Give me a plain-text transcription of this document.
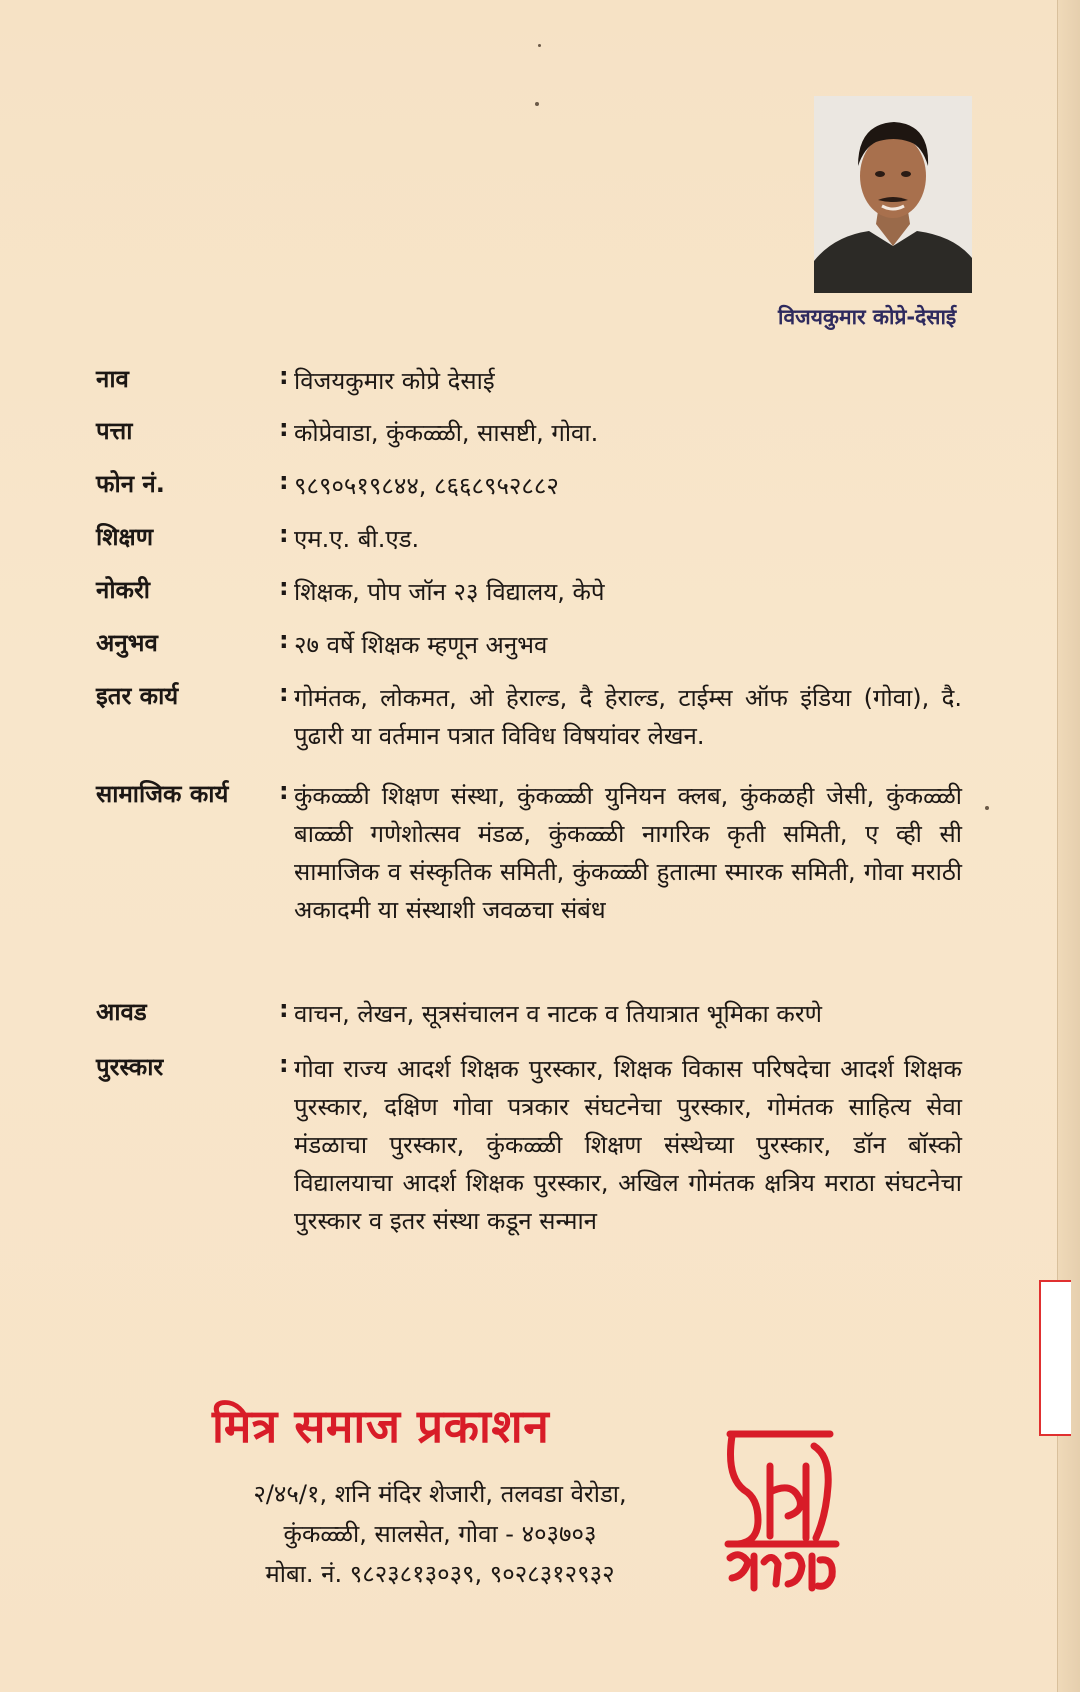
विजयकुमार कोप्रे-देसाई
नाव	: विजयकुमार कोप्रे देसाई
पत्ता	: कोप्रेवाडा, कुंकळ्ळी, सासष्टी, गोवा.
फोन नं.	: ९८९०५१९८४४, ८६६८९५२८८२
शिक्षण	: एम.ए. बी.एड.
नोकरी	: शिक्षक, पोप जॉन २३ विद्यालय, केपे
अनुभव	: २७ वर्षे शिक्षक म्हणून अनुभव
इतर कार्य	: गोमंतक, लोकमत, ओ हेराल्ड, दै हेराल्ड, टाईम्स ऑफ इंडिया (गोवा), दै. पुढारी या वर्तमान पत्रात विविध विषयांवर लेखन.
सामाजिक कार्य	: कुंकळ्ळी शिक्षण संस्था, कुंकळ्ळी युनियन क्लब, कुंकळही जेसी, कुंकळ्ळी बाळ्ळी गणेशोत्सव मंडळ, कुंकळ्ळी नागरिक कृती समिती, ए व्ही सी सामाजिक व संस्कृतिक समिती, कुंकळ्ळी हुतात्मा स्मारक समिती, गोवा मराठी अकादमी या संस्थाशी जवळचा संबंध
आवड	: वाचन, लेखन, सूत्रसंचालन व नाटक व तियात्रात भूमिका करणे
पुरस्कार	: गोवा राज्य आदर्श शिक्षक पुरस्कार, शिक्षक विकास परिषदेचा आदर्श शिक्षक पुरस्कार, दक्षिण गोवा पत्रकार संघटनेचा पुरस्कार, गोमंतक साहित्य सेवा मंडळाचा पुरस्कार, कुंकळ्ळी शिक्षण संस्थेच्या पुरस्कार, डॉन बॉस्को विद्यालयाचा आदर्श शिक्षक पुरस्कार, अखिल गोमंतक क्षत्रिय मराठा संघटनेचा पुरस्कार व इतर संस्था कडून सन्मान
मित्र समाज प्रकाशन
२/४५/१, शनि मंदिर शेजारी, तलवडा वेरोडा,
कुंकळ्ळी, सालसेत, गोवा - ४०३७०३
मोबा. नं. ९८२३८१३०३९, ९०२८३१२९३२
